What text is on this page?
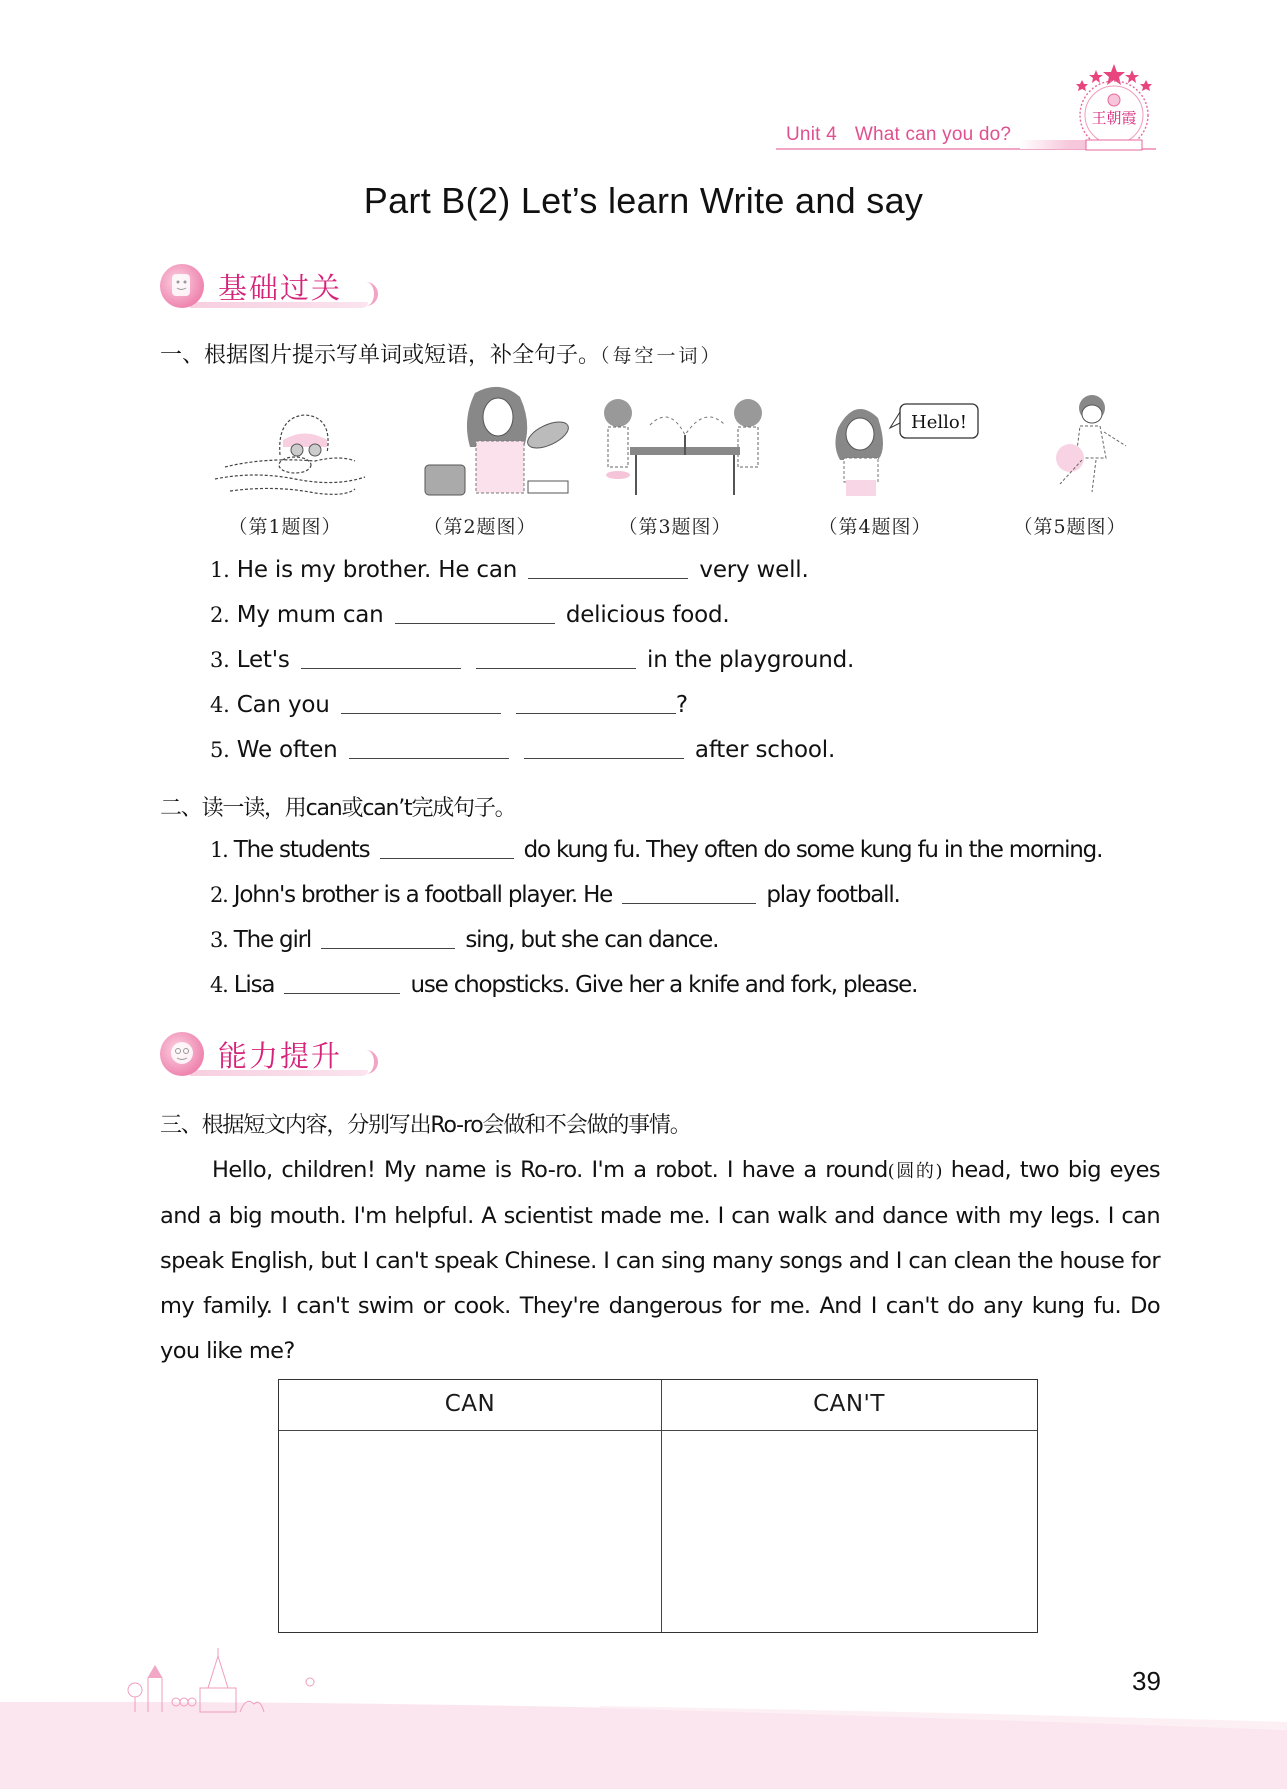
Unit 4 What can you do?
王朝霞
Part B(2) Let’s learn Write and say
基础过关
一、根据图片提示写单词或短语，补全句子。（每空一词）
Hello!
（第1题图）	（第2题图）	（第3题图）	（第4题图）	（第5题图）
1. He is my brother. He can	very well.
2. My mum can	delicious food.
3. Let's	in the playground.
4. Can you	?
5. We often	after school.
二、读一读，用can或can’t完成句子。
1. The students	do kung fu. They often do some kung fu in the morning.
2. John's brother is a football player. He	play football.
3. The girl	sing, but she can dance.
4. Lisa	use chopsticks. Give her a knife and fork, please.
能力提升
三、根据短文内容，分别写出Ro-ro会做和不会做的事情。
Hello, children! My name is Ro-ro. I'm a robot. I have a round(圆的) head, two big eyes and a big mouth. I'm helpful. A scientist made me. I can walk and dance with my legs. I can speak English, but I can't speak Chinese. I can sing many songs and I can clean the house for my family. I can't swim or cook. They're dangerous for me. And I can't do any kung fu. Do you like me?
CAN	CAN'T
39
